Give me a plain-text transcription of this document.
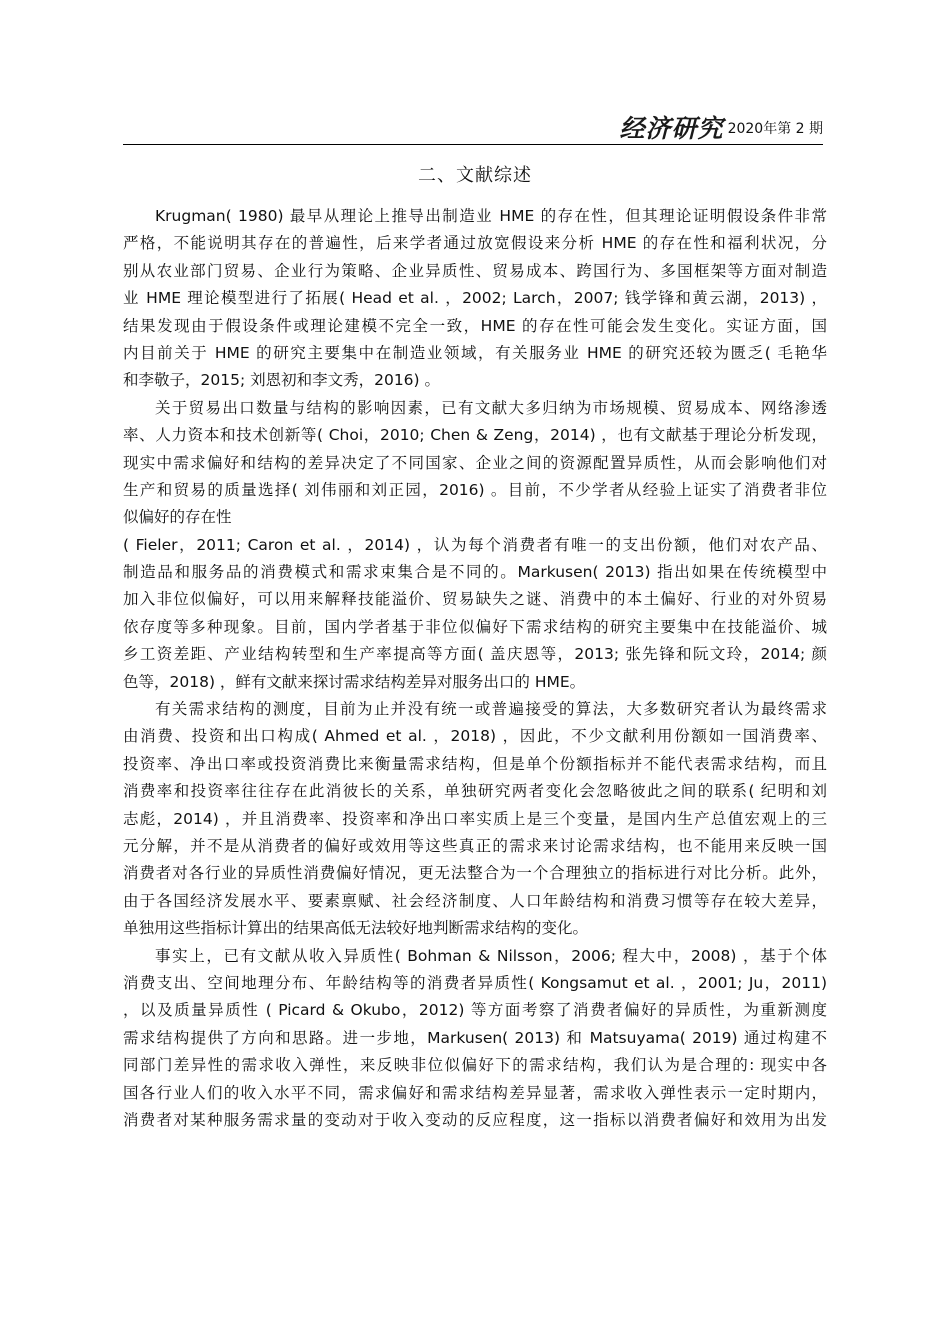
经济研究 2020年第 2 期
二、文献综述
Krugman( 1980) 最早从理论上推导出制造业 HME 的存在性，但其理论证明假设条件非常
严格，不能说明其存在的普遍性，后来学者通过放宽假设来分析 HME 的存在性和福利状况，分
别从农业部门贸易、企业行为策略、企业异质性、贸易成本、跨国行为、多国框架等方面对制造
业 HME 理论模型进行了拓展( Head et al. ，2002; Larch，2007; 钱学锋和黄云湖，2013) ，
结果发现由于假设条件或理论建模不完全一致，HME 的存在性可能会发生变化。实证方面，国
内目前关于 HME 的研究主要集中在制造业领域，有关服务业 HME 的研究还较为匮乏( 毛艳华
和李敬子，2015; 刘恩初和李文秀，2016) 。
关于贸易出口数量与结构的影响因素，已有文献大多归纳为市场规模、贸易成本、网络渗透
率、人力资本和技术创新等( Choi，2010; Chen & Zeng，2014) ，也有文献基于理论分析发现，
现实中需求偏好和结构的差异决定了不同国家、企业之间的资源配置异质性，从而会影响他们对
生产和贸易的质量选择( 刘伟丽和刘正园，2016) 。目前，不少学者从经验上证实了消费者非位
似偏好的存在性
( Fieler，2011; Caron et al. ，2014) ，认为每个消费者有唯一的支出份额，他们对农产品、
制造品和服务品的消费模式和需求束集合是不同的。Markusen( 2013) 指出如果在传统模型中
加入非位似偏好，可以用来解释技能溢价、贸易缺失之谜、消费中的本土偏好、行业的对外贸易
依存度等多种现象。目前，国内学者基于非位似偏好下需求结构的研究主要集中在技能溢价、城
乡工资差距、产业结构转型和生产率提高等方面( 盖庆恩等，2013; 张先锋和阮文玲，2014; 颜
色等，2018) ，鲜有文献来探讨需求结构差异对服务出口的 HME。
有关需求结构的测度，目前为止并没有统一或普遍接受的算法，大多数研究者认为最终需求
由消费、投资和出口构成( Ahmed et al. ，2018) ，因此，不少文献利用份额如一国消费率、
投资率、净出口率或投资消费比来衡量需求结构，但是单个份额指标并不能代表需求结构，而且
消费率和投资率往往存在此消彼长的关系，单独研究两者变化会忽略彼此之间的联系( 纪明和刘
志彪，2014) ，并且消费率、投资率和净出口率实质上是三个变量，是国内生产总值宏观上的三
元分解，并不是从消费者的偏好或效用等这些真正的需求来讨论需求结构，也不能用来反映一国
消费者对各行业的异质性消费偏好情况，更无法整合为一个合理独立的指标进行对比分析。此外，
由于各国经济发展水平、要素禀赋、社会经济制度、人口年龄结构和消费习惯等存在较大差异，
单独用这些指标计算出的结果高低无法较好地判断需求结构的变化。
事实上，已有文献从收入异质性( Bohman & Nilsson，2006; 程大中，2008) ，基于个体
消费支出、空间地理分布、年龄结构等的消费者异质性( Kongsamut et al. ，2001; Ju，2011)
，以及质量异质性 ( Picard & Okubo，2012) 等方面考察了消费者偏好的异质性，为重新测度
需求结构提供了方向和思路。进一步地，Markusen( 2013) 和 Matsuyama( 2019) 通过构建不
同部门差异性的需求收入弹性，来反映非位似偏好下的需求结构，我们认为是合理的: 现实中各
国各行业人们的收入水平不同，需求偏好和需求结构差异显著，需求收入弹性表示一定时期内，
消费者对某种服务需求量的变动对于收入变动的反应程度，这一指标以消费者偏好和效用为出发
